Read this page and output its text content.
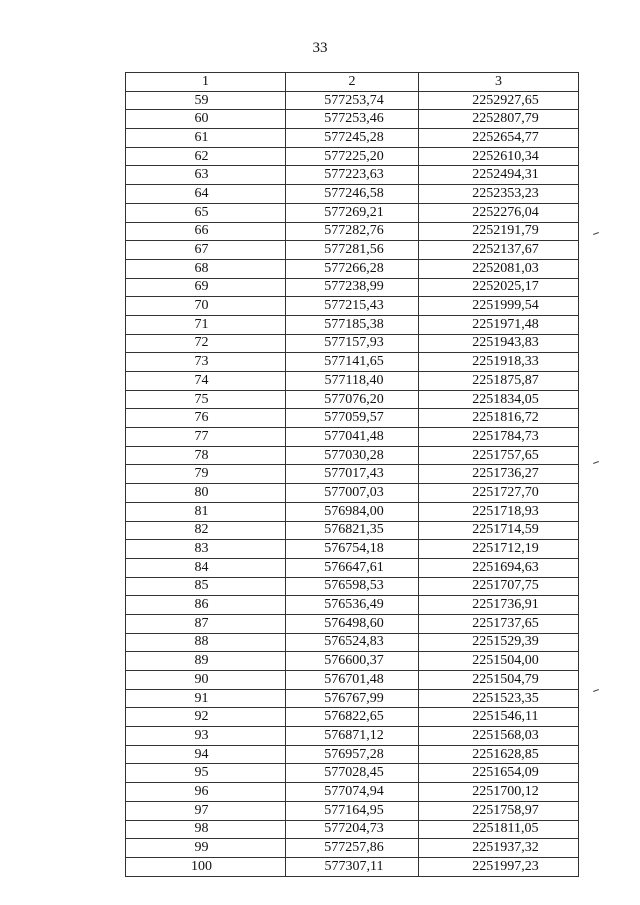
33
1	2	3
59	577253,74	2252927,65
60	577253,46	2252807,79
61	577245,28	2252654,77
62	577225,20	2252610,34
63	577223,63	2252494,31
64	577246,58	2252353,23
65	577269,21	2252276,04
66	577282,76	2252191,79
67	577281,56	2252137,67
68	577266,28	2252081,03
69	577238,99	2252025,17
70	577215,43	2251999,54
71	577185,38	2251971,48
72	577157,93	2251943,83
73	577141,65	2251918,33
74	577118,40	2251875,87
75	577076,20	2251834,05
76	577059,57	2251816,72
77	577041,48	2251784,73
78	577030,28	2251757,65
79	577017,43	2251736,27
80	577007,03	2251727,70
81	576984,00	2251718,93
82	576821,35	2251714,59
83	576754,18	2251712,19
84	576647,61	2251694,63
85	576598,53	2251707,75
86	576536,49	2251736,91
87	576498,60	2251737,65
88	576524,83	2251529,39
89	576600,37	2251504,00
90	576701,48	2251504,79
91	576767,99	2251523,35
92	576822,65	2251546,11
93	576871,12	2251568,03
94	576957,28	2251628,85
95	577028,45	2251654,09
96	577074,94	2251700,12
97	577164,95	2251758,97
98	577204,73	2251811,05
99	577257,86	2251937,32
100	577307,11	2251997,23
